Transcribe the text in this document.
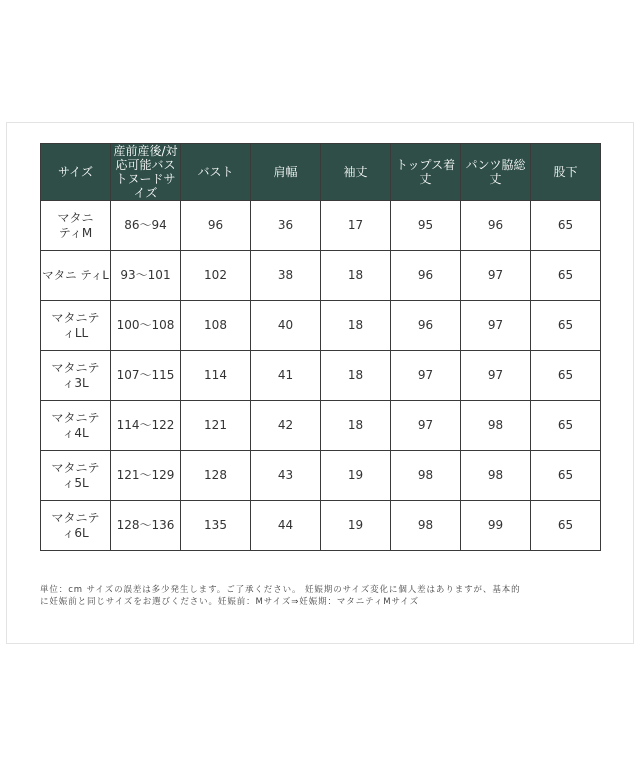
サイズ	産前産後/対応可能バストヌードサイズ	バスト	肩幅	袖丈	トップス着丈	パンツ脇総丈	股下
マタニティM	86〜94	96	36	17	95	96	65
マタニ ティL	93〜101	102	38	18	96	97	65
マタニティLL	100〜108	108	40	18	96	97	65
マタニティ3L	107〜115	114	41	18	97	97	65
マタニティ4L	114〜122	121	42	18	97	98	65
マタニティ5L	121〜129	128	43	19	98	98	65
マタニティ6L	128〜136	135	44	19	98	99	65
単位：cm サイズの誤差は多少発生します。ご了承ください。 妊娠期のサイズ変化に個人差はありますが、基本的
に妊娠前と同じサイズをお選びください。妊娠前：Mサイズ⇒妊娠期：マタニティMサイズ
